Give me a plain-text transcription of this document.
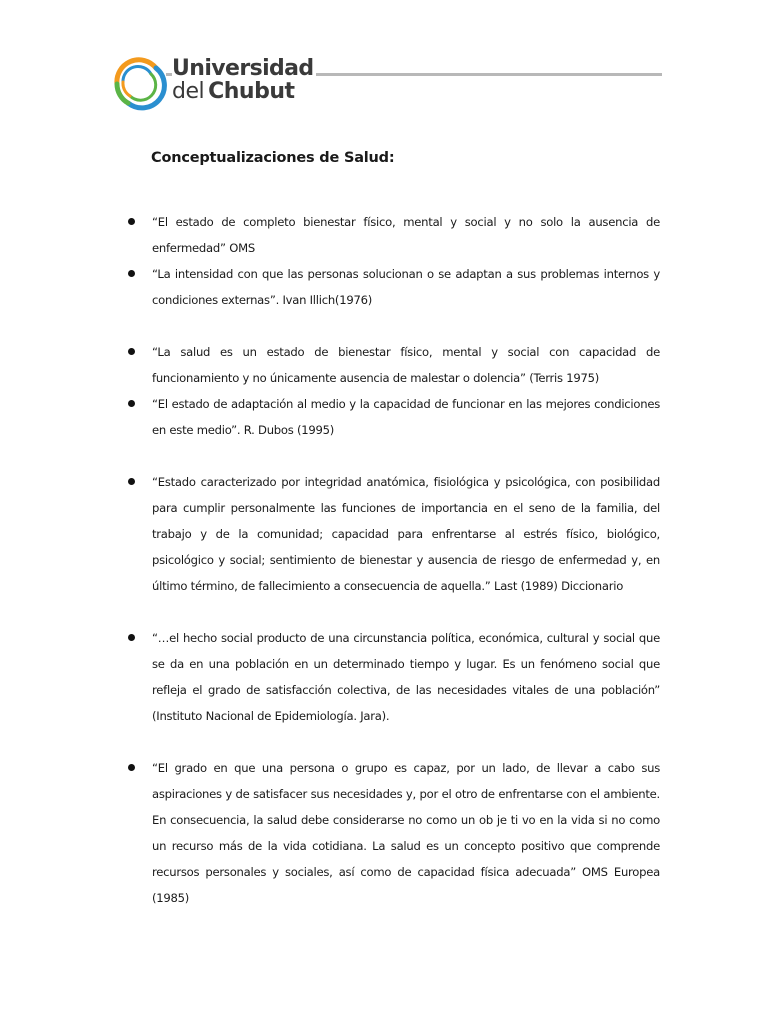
Universidad
del Chubut
Conceptualizaciones de Salud:
“El estado de completo bienestar físico, mental y social y no solo la ausencia de enfermedad” OMS
“La intensidad con que las personas solucionan o se adaptan a sus problemas internos y condiciones externas”. Ivan Illich(1976)
“La salud es un estado de bienestar físico, mental y social con capacidad de funcionamiento y no únicamente ausencia de malestar o dolencia” (Terris 1975)
“El estado de adaptación al medio y la capacidad de funcionar en las mejores condiciones en este medio”. R. Dubos (1995)
“Estado caracterizado por integridad anatómica, fisiológica y psicológica, con posibilidad para cumplir personalmente las funciones de importancia en el seno de la familia, del trabajo y de la comunidad; capacidad para enfrentarse al estrés físico, biológico, psicológico y social; sentimiento de bienestar y ausencia de riesgo de enfermedad y, en último término, de fallecimiento a consecuencia de aquella.” Last (1989) Diccionario
“…el hecho social producto de una circunstancia política, económica, cultural y social que se da en una población en un determinado tiempo y lugar. Es un fenómeno social que refleja el grado de satisfacción colectiva, de las necesidades vitales de una población” (Instituto Nacional de Epidemiología. Jara).
“El grado en que una persona o grupo es capaz, por un lado, de llevar a cabo sus aspiraciones y de satisfacer sus necesidades y, por el otro de enfrentarse con el ambiente. En consecuencia, la salud debe considerarse no como un ob je ti vo en la vida si no como un recurso más de la vida cotidiana. La salud es un concepto positivo que comprende recursos personales y sociales, así como de capacidad física adecuada” OMS Europea (1985)
